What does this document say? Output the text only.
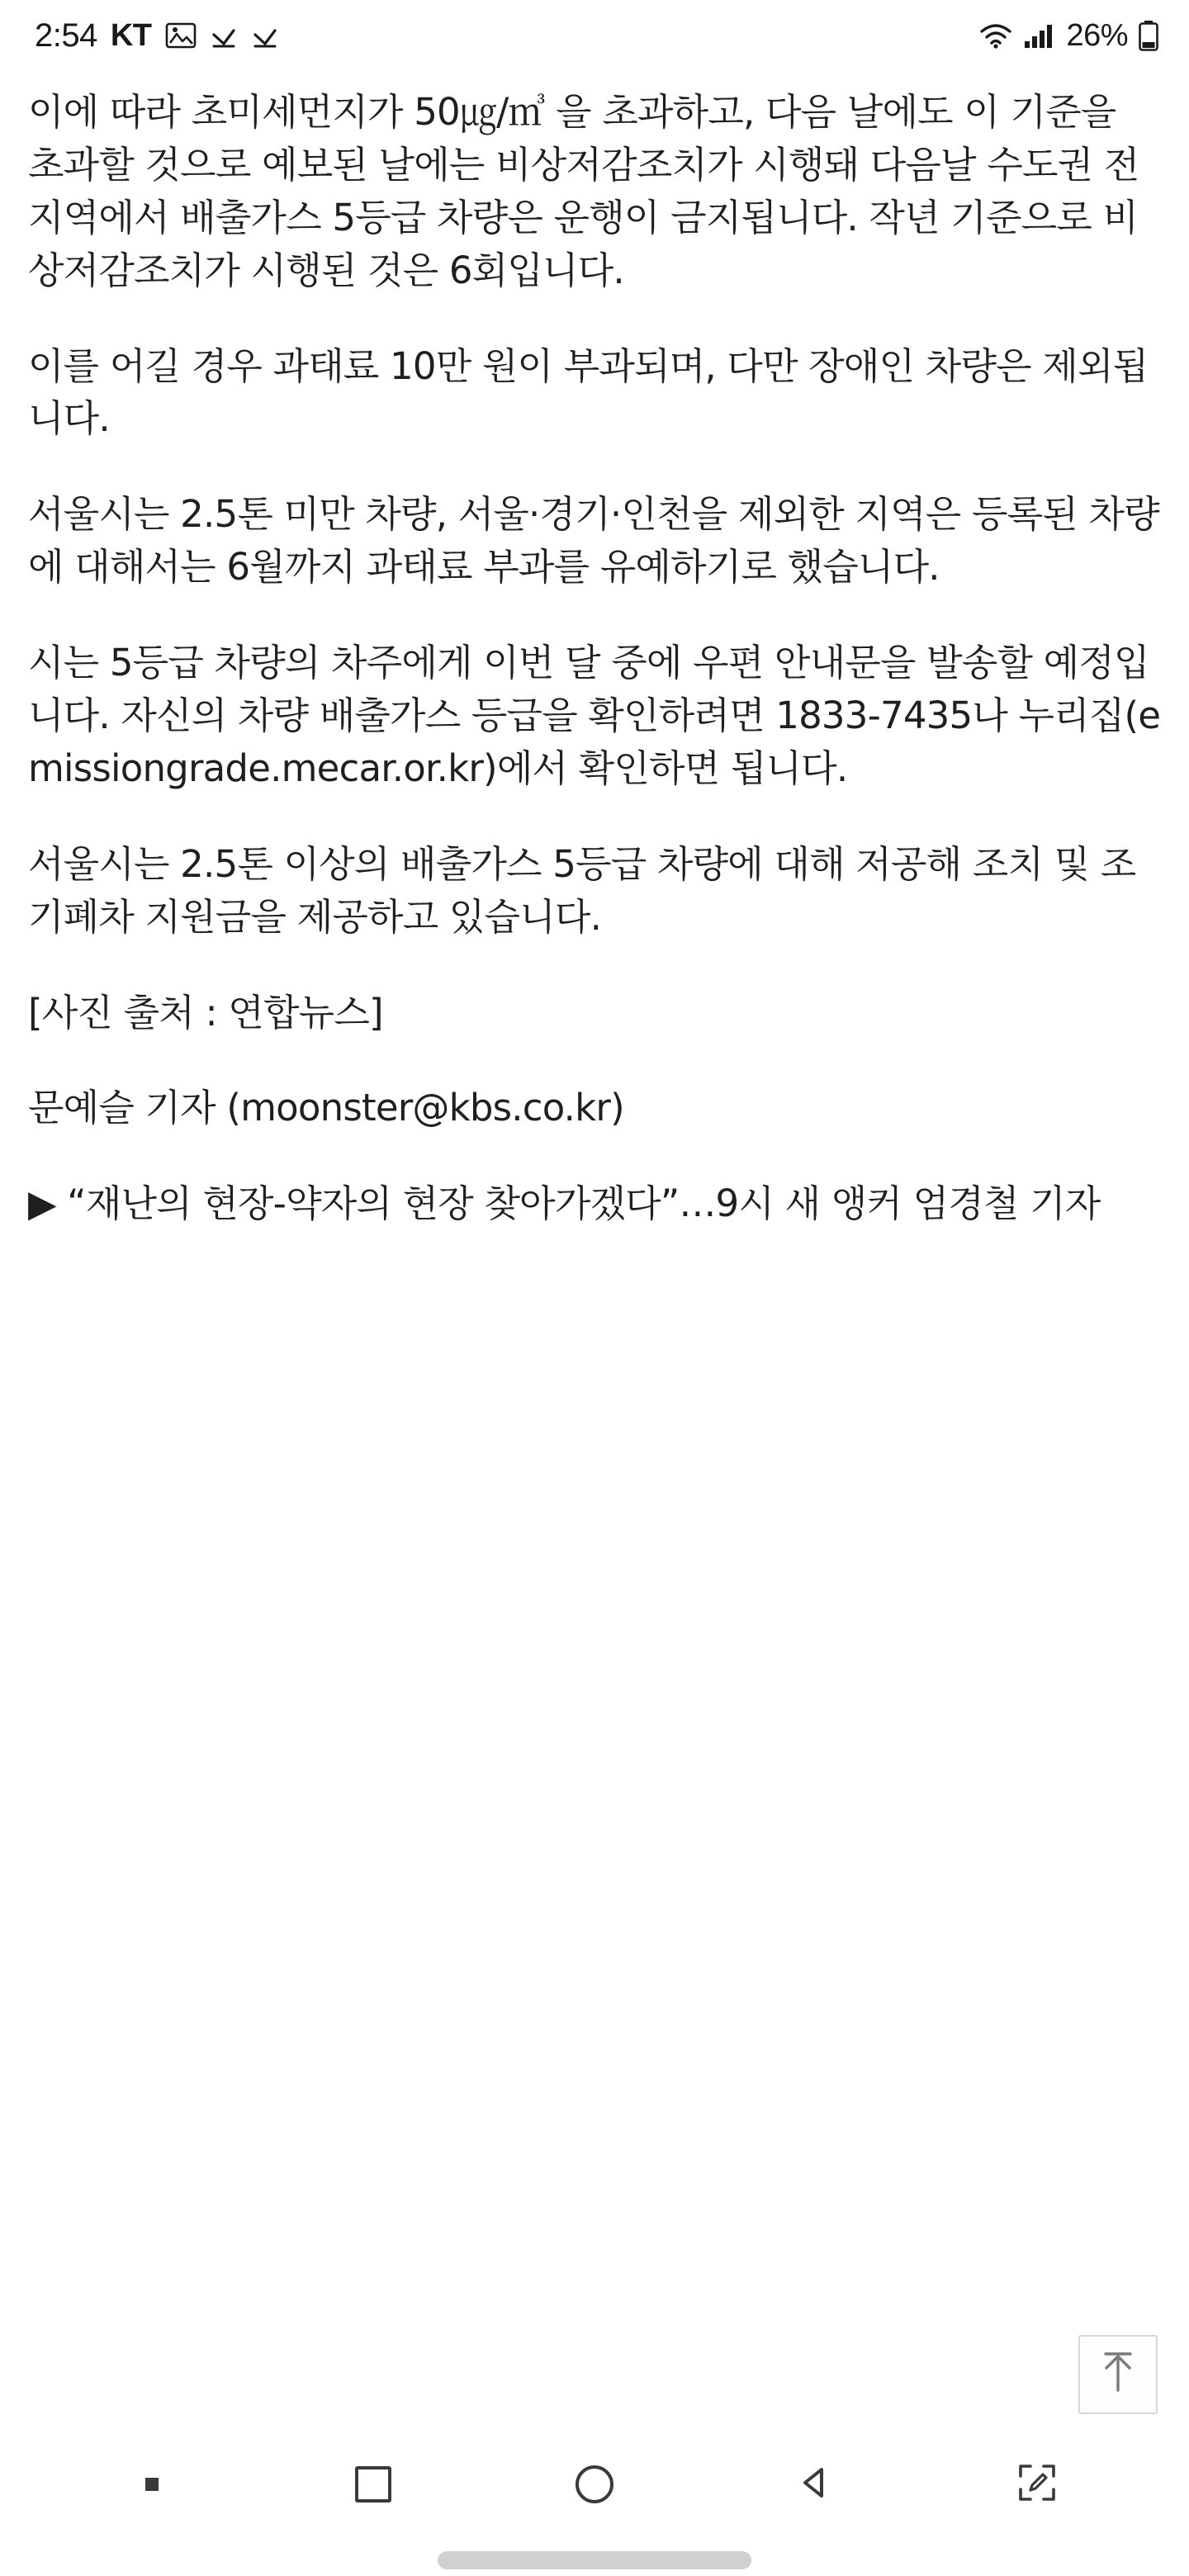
2:54 KT	26%

이에 따라 초미세먼지가 50㎍/㎥ 을 초과하고, 다음 날에도 이 기준을 초과할 것으로 예보된 날에는 비상저감조치가 시행돼 다음날 수도권 전 지역에서 배출가스 5등급 차량은 운행이 금지됩니다. 작년 기준으로 비상저감조치가 시행된 것은 6회입니다.

이를 어길 경우 과태료 10만 원이 부과되며, 다만 장애인 차량은 제외됩니다.

서울시는 2.5톤 미만 차량, 서울·경기·인천을 제외한 지역은 등록된 차량에 대해서는 6월까지 과태료 부과를 유예하기로 했습니다.

시는 5등급 차량의 차주에게 이번 달 중에 우편 안내문을 발송할 예정입니다. 자신의 차량 배출가스 등급을 확인하려면 1833-7435나 누리집(emissiongrade.mecar.or.kr)에서 확인하면 됩니다.

서울시는 2.5톤 이상의 배출가스 5등급 차량에 대해 저공해 조치 및 조기폐차 지원금을 제공하고 있습니다.

[사진 출처 : 연합뉴스]

문예슬 기자 (moonster@kbs.co.kr)

▶ “재난의 현장-약자의 현장 찾아가겠다”…9시 새 앵커 엄경철 기자
